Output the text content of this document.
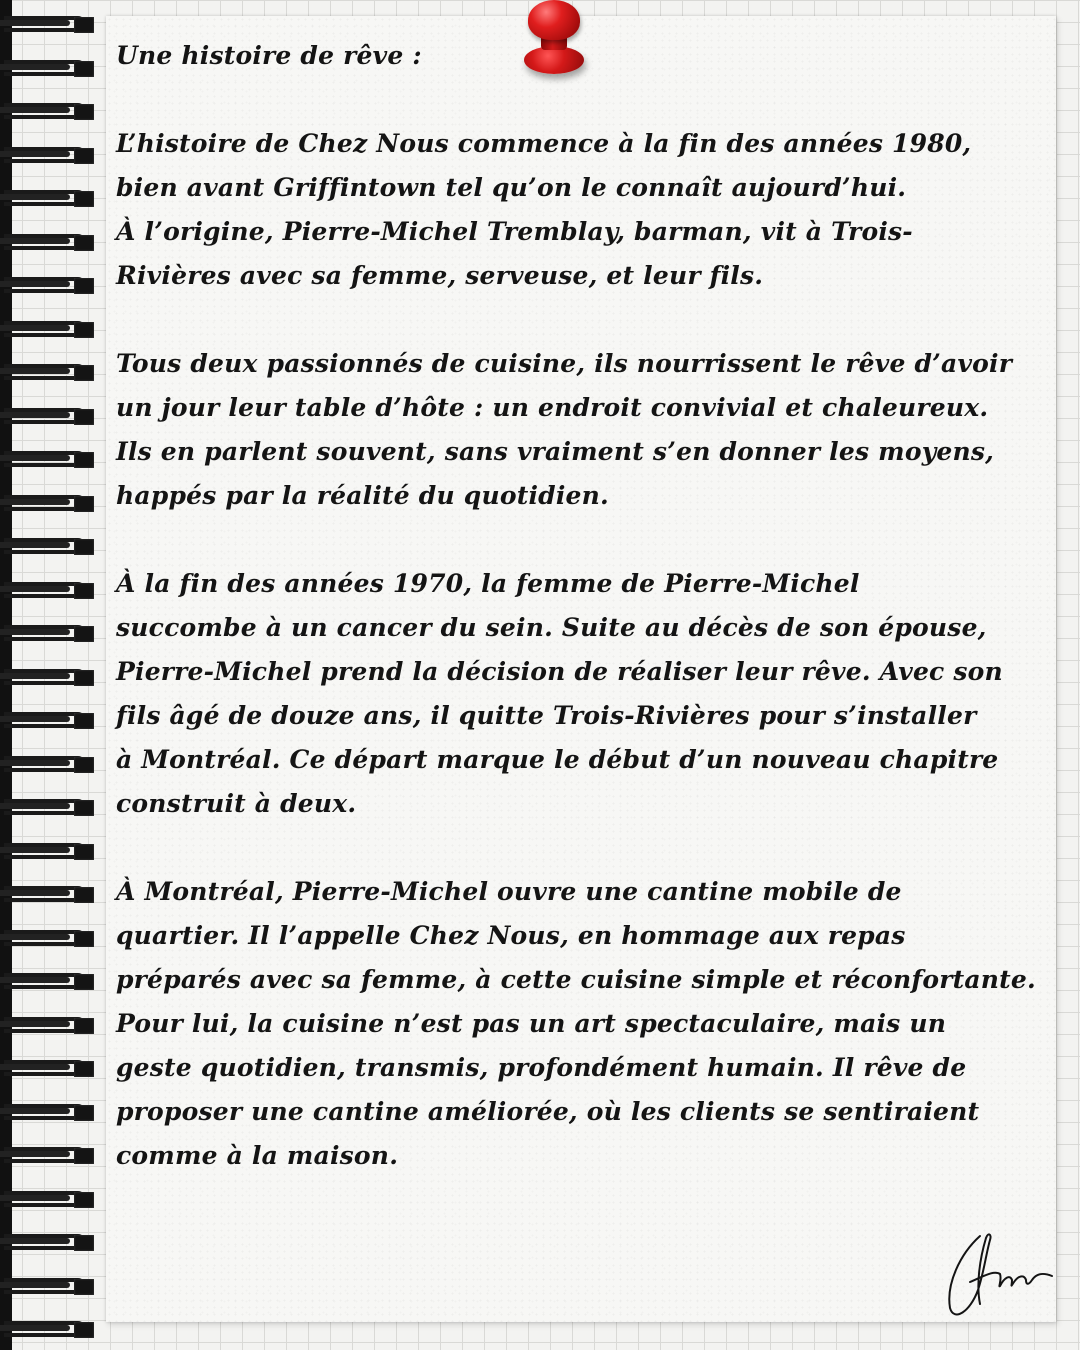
Une histoire de rêve :
L’histoire de Chez Nous commence à la fin des années 1980,
bien avant Griffintown tel qu’on le connaît aujourd’hui.
À l’origine, Pierre-Michel Tremblay, barman, vit à Trois-
Rivières avec sa femme, serveuse, et leur fils.
Tous deux passionnés de cuisine, ils nourrissent le rêve d’avoir
un jour leur table d’hôte : un endroit convivial et chaleureux.
Ils en parlent souvent, sans vraiment s’en donner les moyens,
happés par la réalité du quotidien.
À la fin des années 1970, la femme de Pierre-Michel
succombe à un cancer du sein. Suite au décès de son épouse,
Pierre-Michel prend la décision de réaliser leur rêve. Avec son
fils âgé de douze ans, il quitte Trois-Rivières pour s’installer
à Montréal. Ce départ marque le début d’un nouveau chapitre
construit à deux.
À Montréal, Pierre-Michel ouvre une cantine mobile de
quartier. Il l’appelle Chez Nous, en hommage aux repas
préparés avec sa femme, à cette cuisine simple et réconfortante.
Pour lui, la cuisine n’est pas un art spectaculaire, mais un
geste quotidien, transmis, profondément humain. Il rêve de
proposer une cantine améliorée, où les clients se sentiraient
comme à la maison.
